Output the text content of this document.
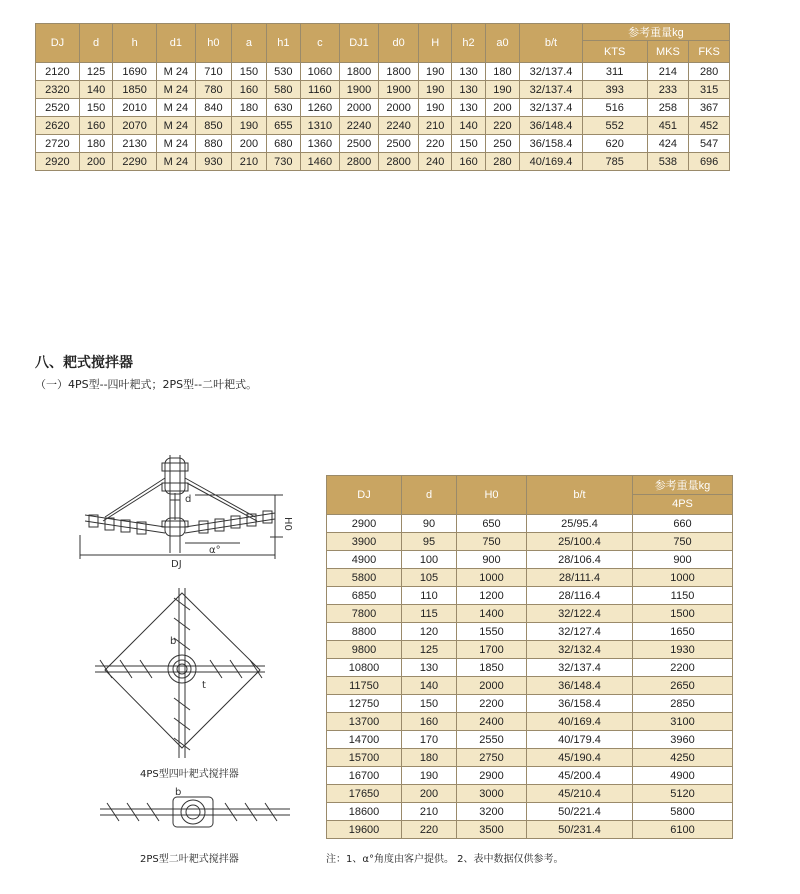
DJ	d	h	d1	h0	a	h1	c	DJ1	d0	H	h2	a0	b/t	参考重量kg		
														KTS	MKS	FKS
2120	125	1690	M 24	710	150	530	1060	1800	1800	190	130	180	32/137.4	311	214	280
2320	140	1850	M 24	780	160	580	1160	1900	1900	190	130	190	32/137.4	393	233	315
2520	150	2010	M 24	840	180	630	1260	2000	2000	190	130	200	32/137.4	516	258	367
2620	160	2070	M 24	850	190	655	1310	2240	2240	210	140	220	36/148.4	552	451	452
2720	180	2130	M 24	880	200	680	1360	2500	2500	220	150	250	36/158.4	620	424	547
2920	200	2290	M 24	930	210	730	1460	2800	2800	240	160	280	40/169.4	785	538	696
八、耙式搅拌器
（一）4PS型--四叶耙式；2PS型--二叶耙式。
d
H0
DJ
α°
b
t
4PS型四叶耙式搅拌器
b
2PS型二叶耙式搅拌器
DJ	d	H0	b/t	参考重量kg
				4PS
2900	90	650	25/95.4	660
3900	95	750	25/100.4	750
4900	100	900	28/106.4	900
5800	105	1000	28/111.4	1000
6850	110	1200	28/116.4	1150
7800	115	1400	32/122.4	1500
8800	120	1550	32/127.4	1650
9800	125	1700	32/132.4	1930
10800	130	1850	32/137.4	2200
11750	140	2000	36/148.4	2650
12750	150	2200	36/158.4	2850
13700	160	2400	40/169.4	3100
14700	170	2550	40/179.4	3960
15700	180	2750	45/190.4	4250
16700	190	2900	45/200.4	4900
17650	200	3000	45/210.4	5120
18600	210	3200	50/221.4	5800
19600	220	3500	50/231.4	6100
注：1、α°角度由客户提供。 2、表中数据仅供参考。
